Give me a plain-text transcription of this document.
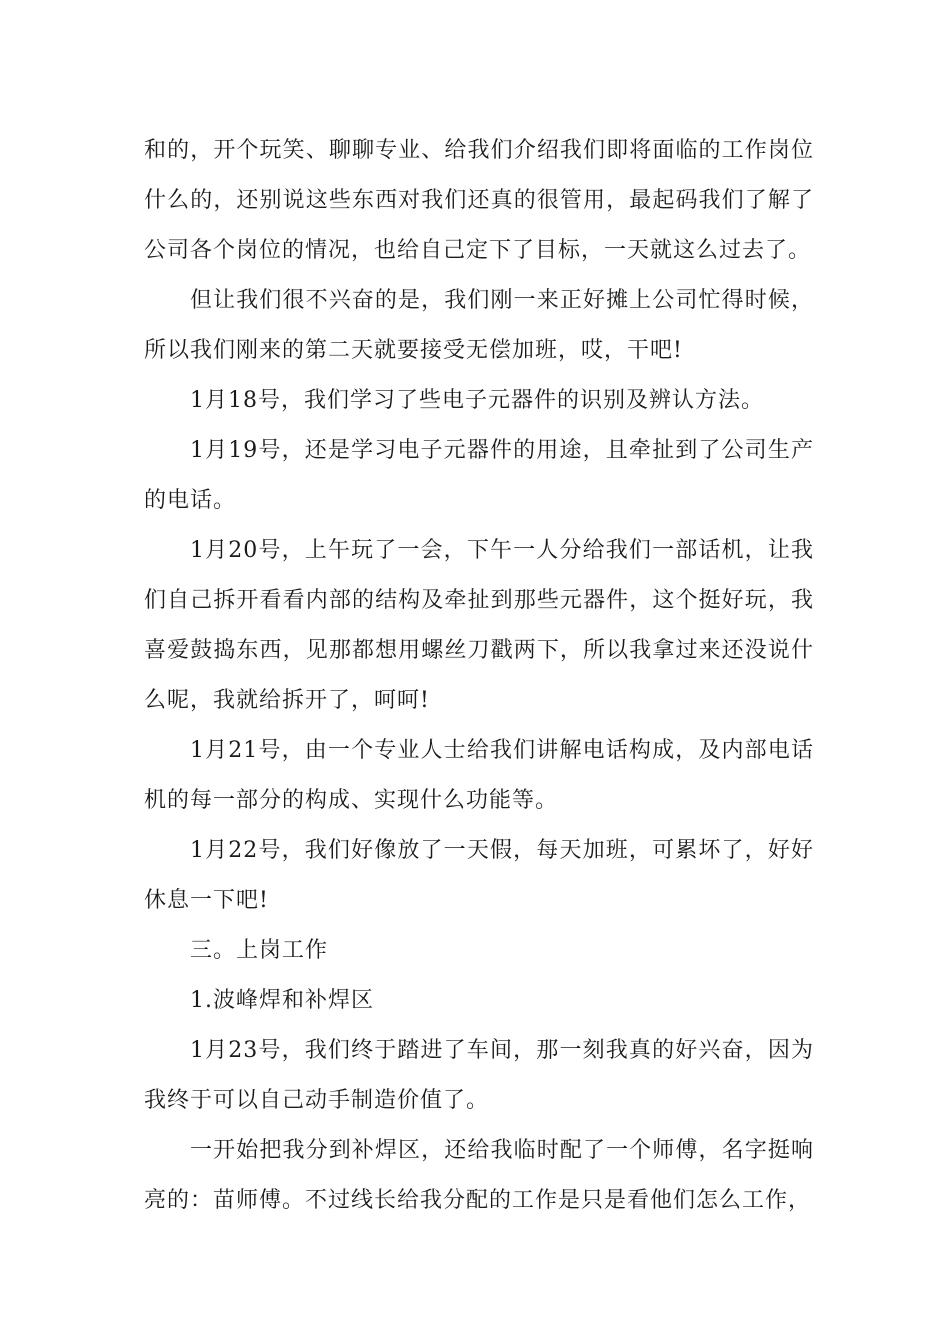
和的，开个玩笑、聊聊专业、给我们介绍我们即将面临的工作岗位什么的，还别说这些东西对我们还真的很管用，最起码我们了解了公司各个岗位的情况，也给自己定下了目标，一天就这么过去了。

但让我们很不兴奋的是，我们刚一来正好摊上公司忙得时候，所以我们刚来的第二天就要接受无偿加班，哎，干吧!

1月18号，我们学习了些电子元器件的识别及辨认方法。

1月19号，还是学习电子元器件的用途，且牵扯到了公司生产的电话。

1月20号，上午玩了一会，下午一人分给我们一部话机，让我们自己拆开看看内部的结构及牵扯到那些元器件，这个挺好玩，我喜爱鼓捣东西，见那都想用螺丝刀戳两下，所以我拿过来还没说什么呢，我就给拆开了，呵呵!

1月21号，由一个专业人士给我们讲解电话构成，及内部电话机的每一部分的构成、实现什么功能等。

1月22号，我们好像放了一天假，每天加班，可累坏了，好好休息一下吧!

三。上岗工作

1.波峰焊和补焊区

1月23号，我们终于踏进了车间，那一刻我真的好兴奋，因为我终于可以自己动手制造价值了。

一开始把我分到补焊区，还给我临时配了一个师傅，名字挺响亮的：苗师傅。不过线长给我分配的工作是只是看他们怎么工作，
